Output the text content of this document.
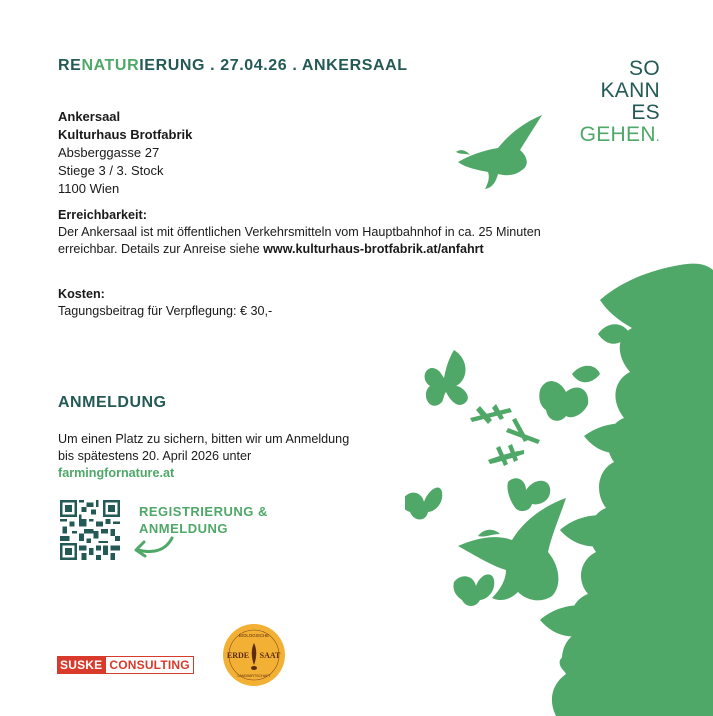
RENATURIERUNG . 27.04.26 . ANKERSAAL	SO
KANN
ES
GEHEN.
Ankersaal
Kulturhaus Brotfabrik
Absberggasse 27
Stiege 3 / 3. Stock
1100 Wien
Erreichbarkeit:
Der Ankersaal ist mit öffentlichen Verkehrsmitteln vom Hauptbahnhof in ca. 25 Minuten
erreichbar. Details zur Anreise siehe www.kulturhaus-brotfabrik.at/anfahrt
Kosten:
Tagungsbeitrag für Verpflegung: € 30,-
ANMELDUNG
Um einen Platz zu sichern, bitten wir um Anmeldung
bis spätestens 20. April 2026 unter
farmingfornature.at
REGISTRIERUNG &
ANMELDUNG
SUSKE CONSULTING
BIOLOGISCHE
ERDE SAAT
LANDWIRTSCHAFT
